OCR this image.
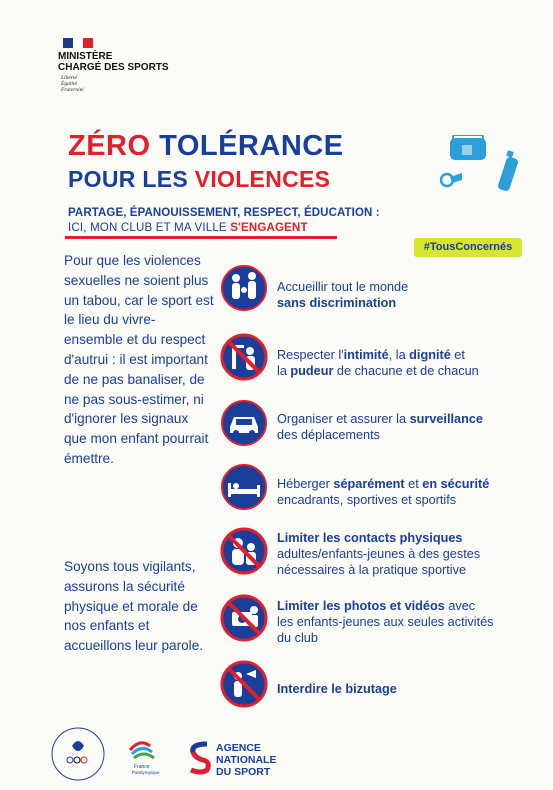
MINISTÈRE
CHARGÉ DES SPORTS
Liberté
Égalité
Fraternité
ZÉRO TOLÉRANCE
POUR LES VIOLENCES
PARTAGE, ÉPANOUISSEMENT, RESPECT, ÉDUCATION :
ICI, MON CLUB ET MA VILLE S'ENGAGENT
#TousConcernés

Pour que les violences sexuelles ne soient plus un tabou, car le sport est le lieu du vivre-ensemble et du respect d'autrui : il est important de ne pas banaliser, de ne pas sous-estimer, ni d'ignorer les signaux que mon enfant pourrait émettre.

Soyons tous vigilants, assurons la sécurité physique et morale de nos enfants et accueillons leur parole.

Accueillir tout le monde
sans discrimination
Respecter l'intimité, la dignité et
la pudeur de chacune et de chacun
Organiser et assurer la surveillance
des déplacements
Héberger séparément et en sécurité
encadrants, sportives et sportifs
Limiter les contacts physiques
adultes/enfants-jeunes à des gestes
nécessaires à la pratique sportive
Limiter les photos et vidéos avec
les enfants-jeunes aux seules activités
du club
Interdire le bizutage
France
Paralympique
AGENCE
NATIONALE
DU SPORT
